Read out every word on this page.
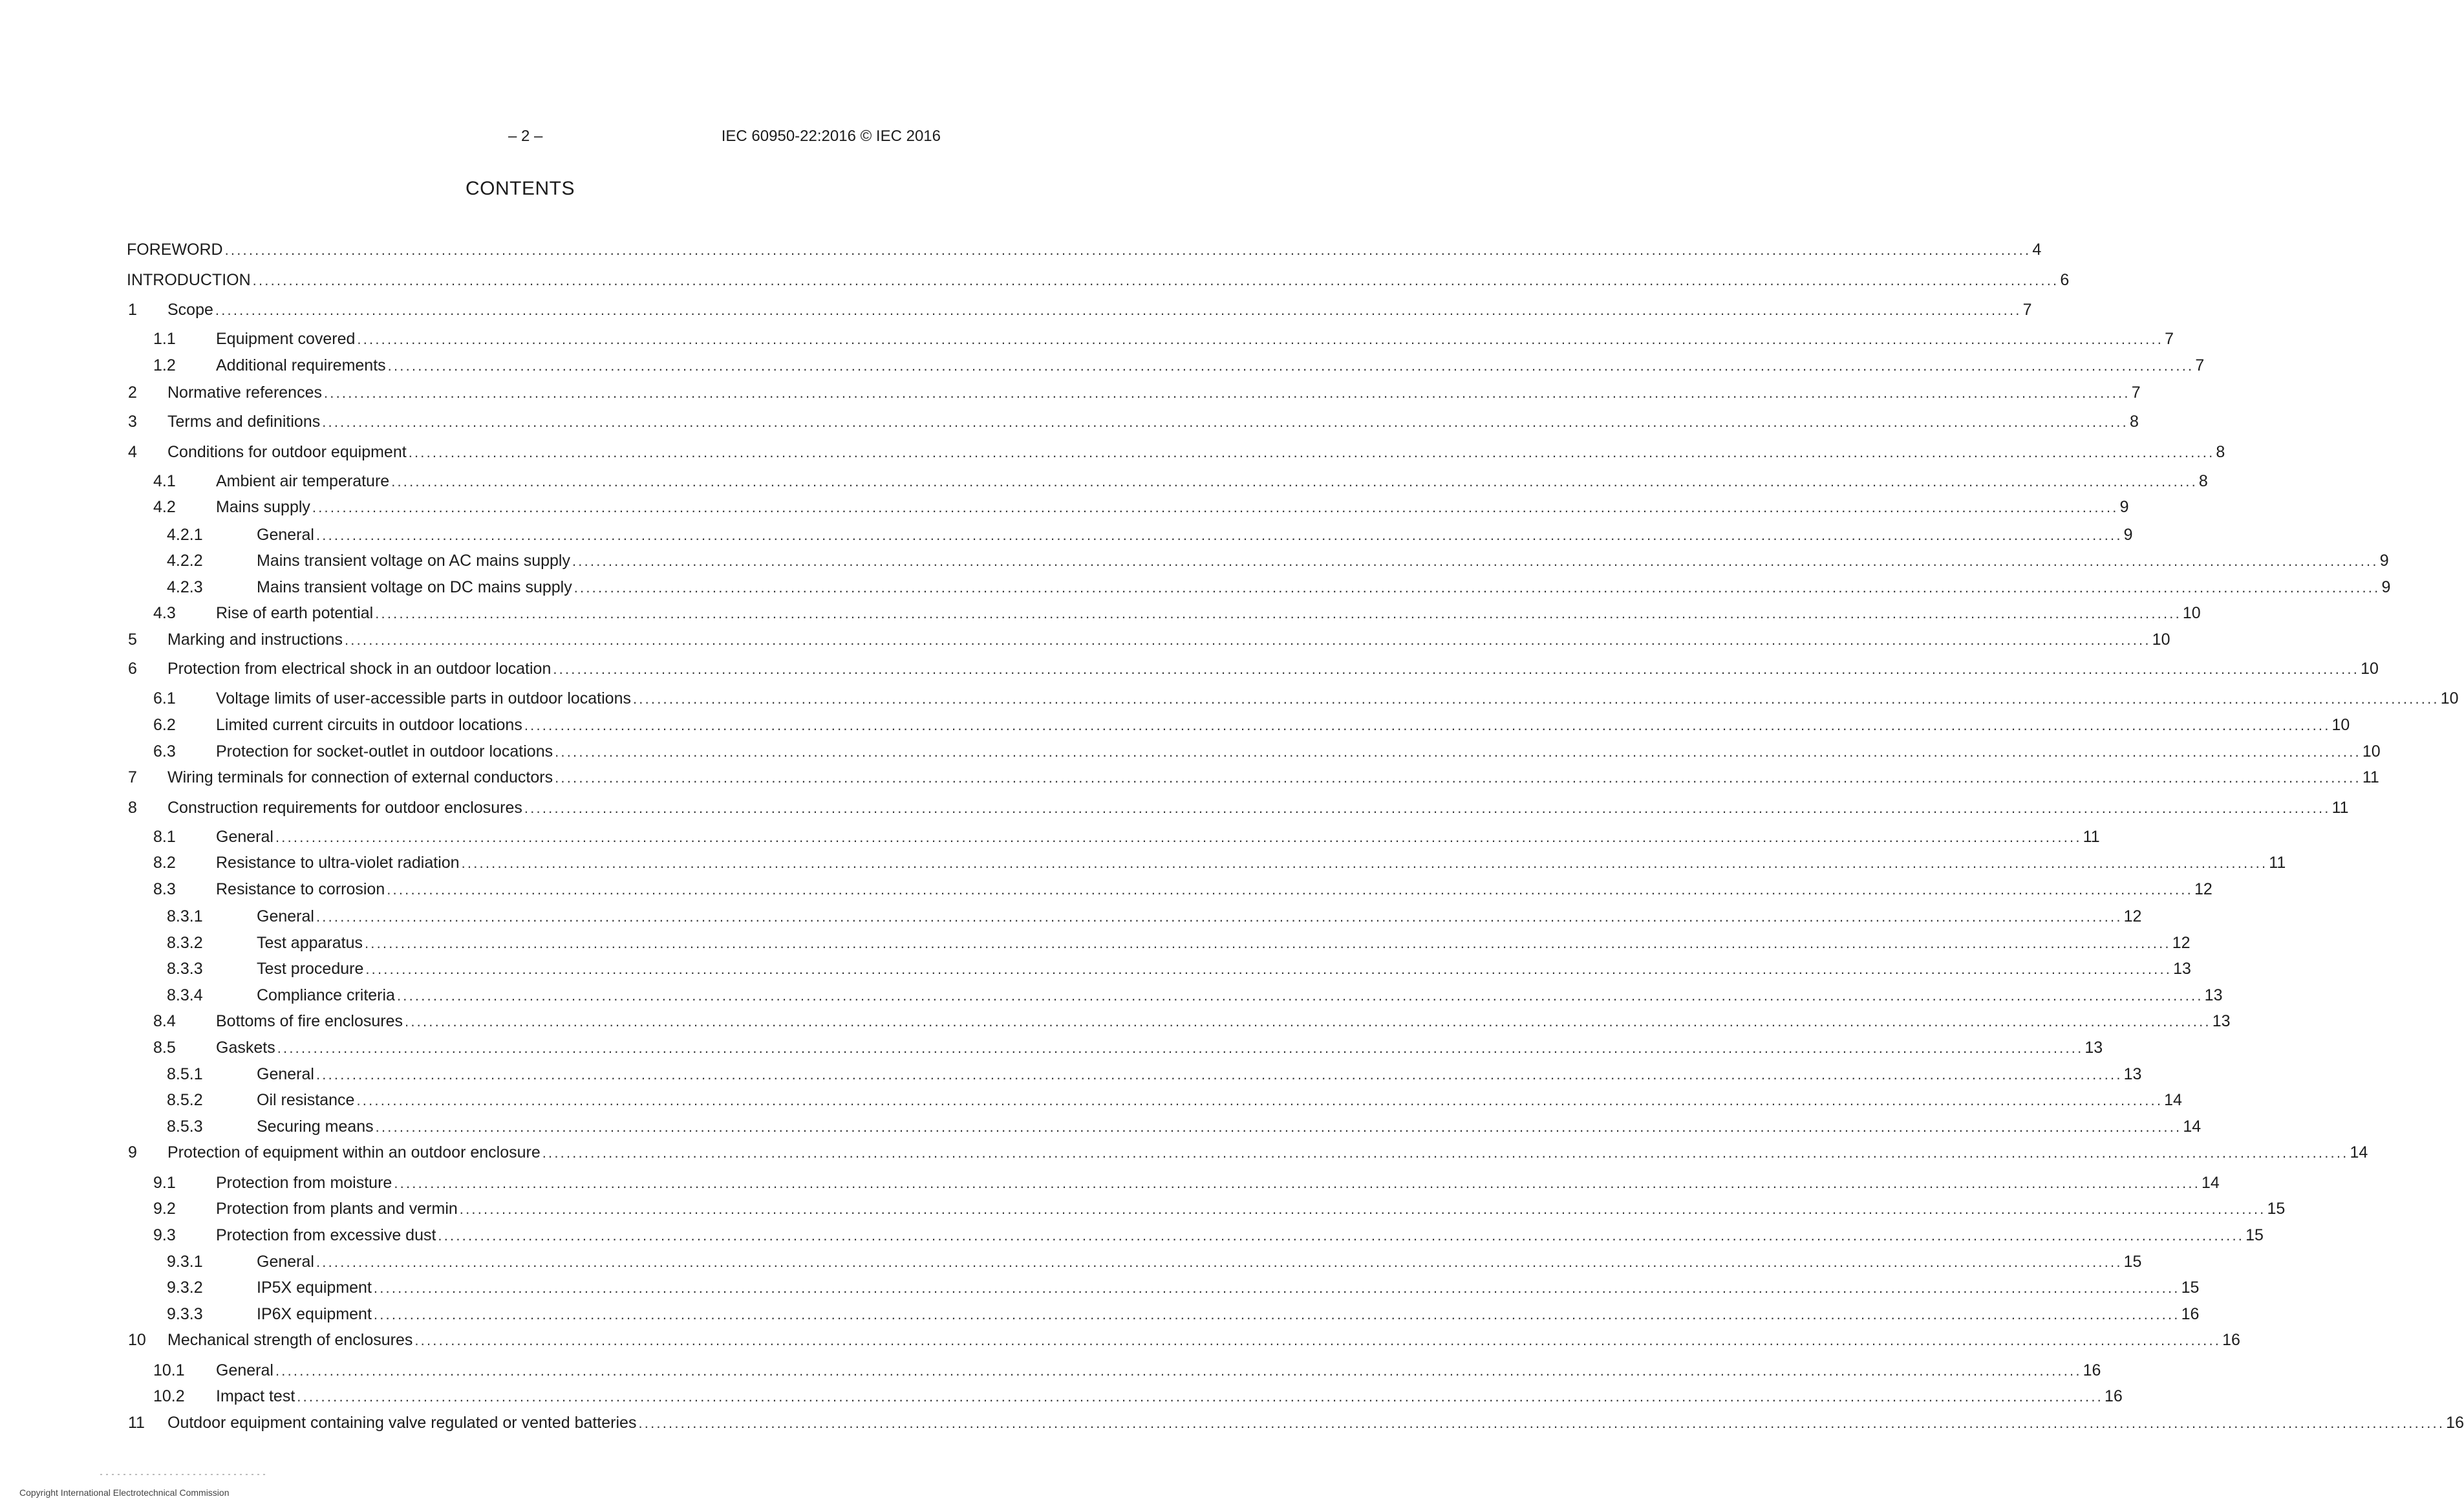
– 2 –	IEC 60950-22:2016 © IEC 2016
CONTENTS
FOREWORD ............................................................................................................................................................................................................................................................................................................ 4
INTRODUCTION ............................................................................................................................................................................................................................................................................................................ 6
1 Scope ............................................................................................................................................................................................................................................................................................................ 7
1.1 Equipment covered ............................................................................................................................................................................................................................................................................................................ 7
1.2 Additional requirements ............................................................................................................................................................................................................................................................................................................ 7
2 Normative references ............................................................................................................................................................................................................................................................................................................ 7
3 Terms and definitions ............................................................................................................................................................................................................................................................................................................ 8
4 Conditions for outdoor equipment ............................................................................................................................................................................................................................................................................................................ 8
4.1 Ambient air temperature ............................................................................................................................................................................................................................................................................................................ 8
4.2 Mains supply ............................................................................................................................................................................................................................................................................................................ 9
4.2.1	General ............................................................................................................................................................................................................................................................................................................ 9
4.2.2	Mains transient voltage on AC mains supply ............................................................................................................................................................................................................................................................................................................ 9
4.2.3	Mains transient voltage on DC mains supply ............................................................................................................................................................................................................................................................................................................ 9
4.3 Rise of earth potential ............................................................................................................................................................................................................................................................................................................ 10
5 Marking and instructions ............................................................................................................................................................................................................................................................................................................ 10
6 Protection from electrical shock in an outdoor location ............................................................................................................................................................................................................................................................................................................ 10
6.1 Voltage limits of user-accessible parts in outdoor locations ............................................................................................................................................................................................................................................................................................................ 10
6.2 Limited current circuits in outdoor locations ............................................................................................................................................................................................................................................................................................................ 10
6.3 Protection for socket-outlet in outdoor locations ............................................................................................................................................................................................................................................................................................................ 10
7 Wiring terminals for connection of external conductors ............................................................................................................................................................................................................................................................................................................ 11
8 Construction requirements for outdoor enclosures ............................................................................................................................................................................................................................................................................................................ 11
8.1 General ............................................................................................................................................................................................................................................................................................................ 11
8.2 Resistance to ultra-violet radiation ............................................................................................................................................................................................................................................................................................................ 11
8.3 Resistance to corrosion ............................................................................................................................................................................................................................................................................................................ 12
8.3.1	General ............................................................................................................................................................................................................................................................................................................ 12
8.3.2	Test apparatus ............................................................................................................................................................................................................................................................................................................ 12
8.3.3	Test procedure ............................................................................................................................................................................................................................................................................................................ 13
8.3.4	Compliance criteria ............................................................................................................................................................................................................................................................................................................ 13
8.4 Bottoms of fire enclosures ............................................................................................................................................................................................................................................................................................................ 13
8.5 Gaskets ............................................................................................................................................................................................................................................................................................................ 13
8.5.1	General ............................................................................................................................................................................................................................................................................................................ 13
8.5.2	Oil resistance ............................................................................................................................................................................................................................................................................................................ 14
8.5.3	Securing means ............................................................................................................................................................................................................................................................................................................ 14
9 Protection of equipment within an outdoor enclosure ............................................................................................................................................................................................................................................................................................................ 14
9.1 Protection from moisture ............................................................................................................................................................................................................................................................................................................ 14
9.2 Protection from plants and vermin ............................................................................................................................................................................................................................................................................................................ 15
9.3 Protection from excessive dust ............................................................................................................................................................................................................................................................................................................ 15
9.3.1	General ............................................................................................................................................................................................................................................................................................................ 15
9.3.2	IP5X equipment ............................................................................................................................................................................................................................................................................................................ 15
9.3.3	IP6X equipment ............................................................................................................................................................................................................................................................................................................ 16
10 Mechanical strength of enclosures ............................................................................................................................................................................................................................................................................................................ 16
10.1 General ............................................................................................................................................................................................................................................................................................................ 16
10.2 Impact test ............................................................................................................................................................................................................................................................................................................ 16
11 Outdoor equipment containing valve regulated or vented batteries ............................................................................................................................................................................................................................................................................................................ 16
Copyright International Electrotechnical Commission
